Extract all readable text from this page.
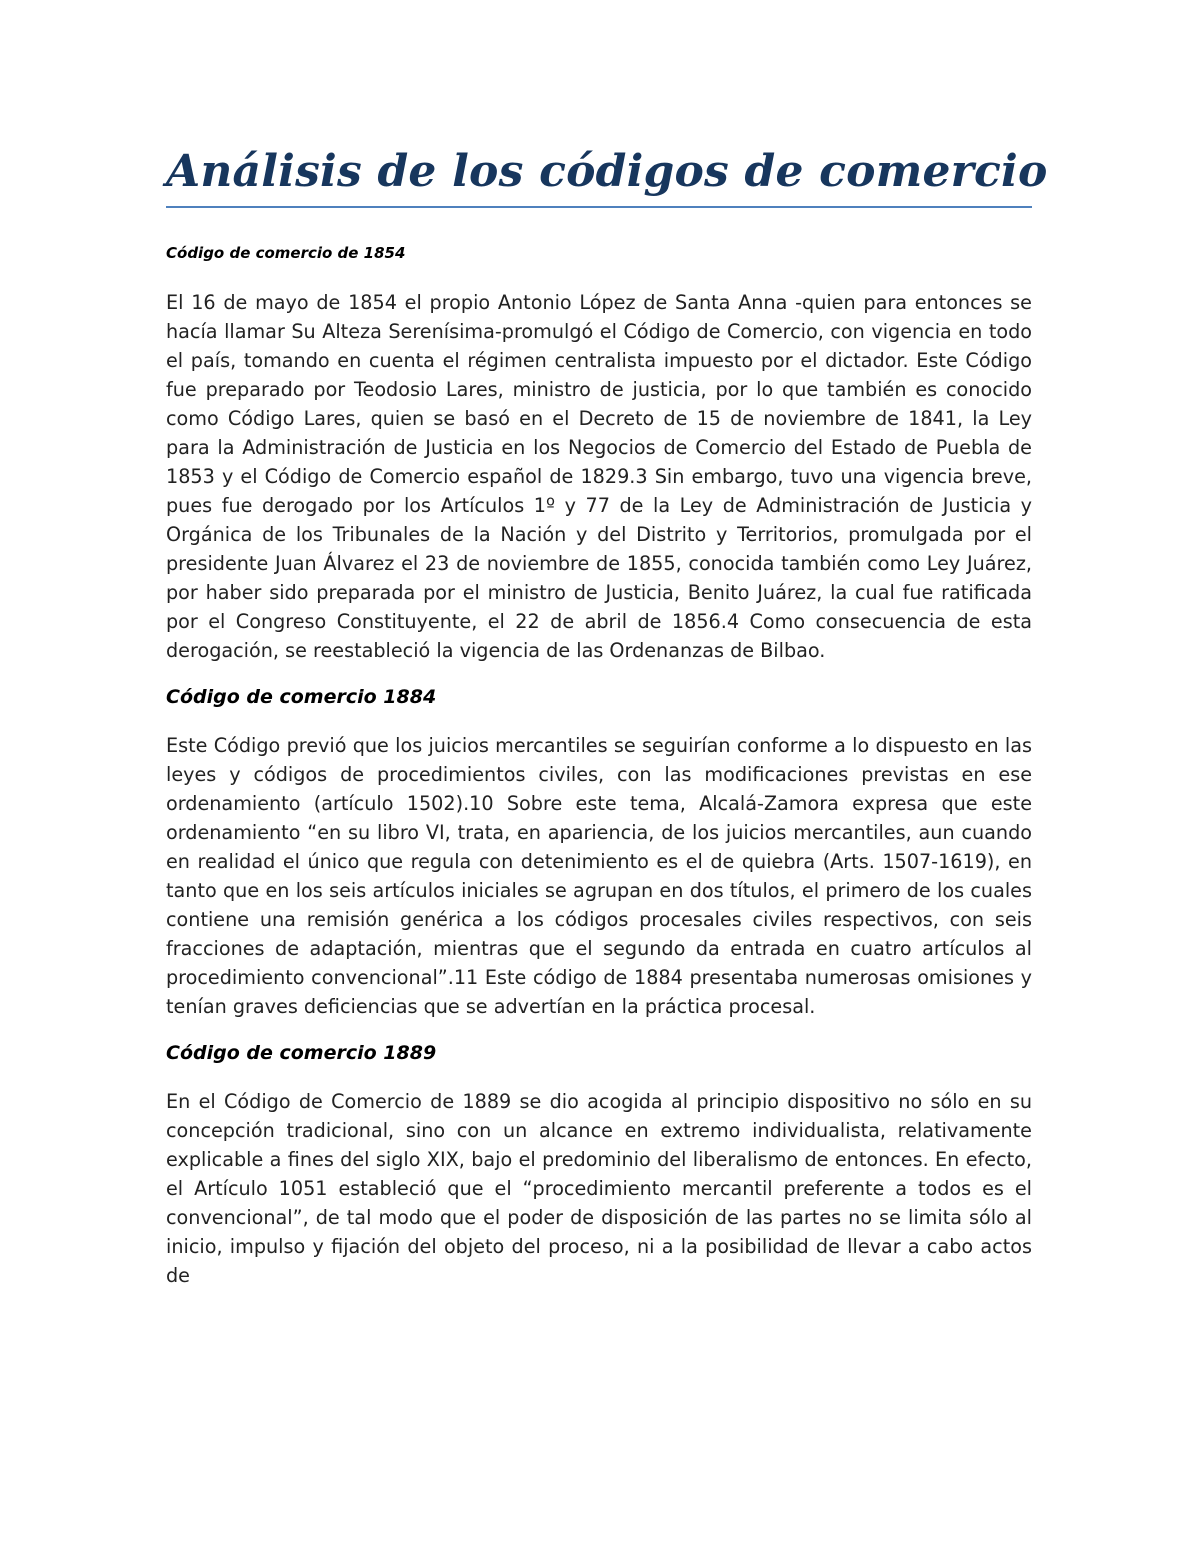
Análisis de los códigos de comercio
Código de comercio de 1854

El 16 de mayo de 1854 el propio Antonio López de Santa Anna -quien para entonces se hacía llamar Su Alteza Serenísima-promulgó el Código de Comercio, con vigencia en todo el país, tomando en cuenta el régimen centralista impuesto por el dictador. Este Código fue preparado por Teodosio Lares, ministro de justicia, por lo que también es conocido como Código Lares, quien se basó en el Decreto de 15 de noviembre de 1841, la Ley para la Administración de Justicia en los Negocios de Comercio del Estado de Puebla de 1853 y el Código de Comercio español de 1829.3 Sin embargo, tuvo una vigencia breve, pues fue derogado por los Artículos 1º y 77 de la Ley de Administración de Justicia y Orgánica de los Tribunales de la Nación y del Distrito y Territorios, promulgada por el presidente Juan Álvarez el 23 de noviembre de 1855, conocida también como Ley Juárez, por haber sido preparada por el ministro de Justicia, Benito Juárez, la cual fue ratificada por el Congreso Constituyente, el 22 de abril de 1856.4 Como consecuencia de esta derogación, se reestableció la vigencia de las Ordenanzas de Bilbao.

Código de comercio 1884

Este Código previó que los juicios mercantiles se seguirían conforme a lo dispuesto en las leyes y códigos de procedimientos civiles, con las modificaciones previstas en ese ordenamiento (artículo 1502).10 Sobre este tema, Alcalá-Zamora expresa que este ordenamiento “en su libro VI, trata, en apariencia, de los juicios mercantiles, aun cuando en realidad el único que regula con detenimiento es el de quiebra (Arts. 1507-1619), en tanto que en los seis artículos iniciales se agrupan en dos títulos, el primero de los cuales contiene una remisión genérica a los códigos procesales civiles respectivos, con seis fracciones de adaptación, mientras que el segundo da entrada en cuatro artículos al procedimiento convencional”.11 Este código de 1884 presentaba numerosas omisiones y tenían graves deficiencias que se advertían en la práctica procesal.

Código de comercio 1889

En el Código de Comercio de 1889 se dio acogida al principio dispositivo no sólo en su concepción tradicional, sino con un alcance en extremo individualista, relativamente explicable a fines del siglo XIX, bajo el predominio del liberalismo de entonces. En efecto, el Artículo 1051 estableció que el “procedimiento mercantil preferente a todos es el convencional”, de tal modo que el poder de disposición de las partes no se limita sólo al inicio, impulso y fijación del objeto del proceso, ni a la posibilidad de llevar a cabo actos de
